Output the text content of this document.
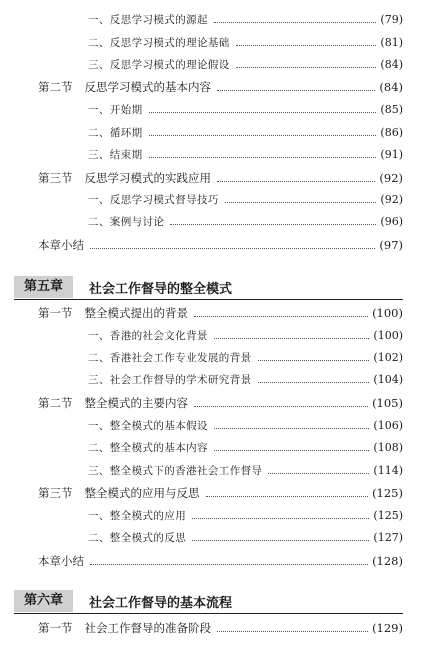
一、反思学习模式的源起	(79)
二、反思学习模式的理论基础	(81)
三、反思学习模式的理论假设	(84)
第二节 反思学习模式的基本内容	(84)
一、开始期	(85)
二、循环期	(86)
三、结束期	(91)
第三节 反思学习模式的实践应用	(92)
一、反思学习模式督导技巧	(92)
二、案例与讨论	(96)
本章小结	(97)
第五章	社会工作督导的整全模式
第一节 整全模式提出的背景	(100)
一、香港的社会文化背景	(100)
二、香港社会工作专业发展的背景	(102)
三、社会工作督导的学术研究背景	(104)
第二节 整全模式的主要内容	(105)
一、整全模式的基本假设	(106)
二、整全模式的基本内容	(108)
三、整全模式下的香港社会工作督导	(114)
第三节 整全模式的应用与反思	(125)
一、整全模式的应用	(125)
二、整全模式的反思	(127)
本章小结	(128)
第六章	社会工作督导的基本流程
第一节 社会工作督导的准备阶段	(129)
